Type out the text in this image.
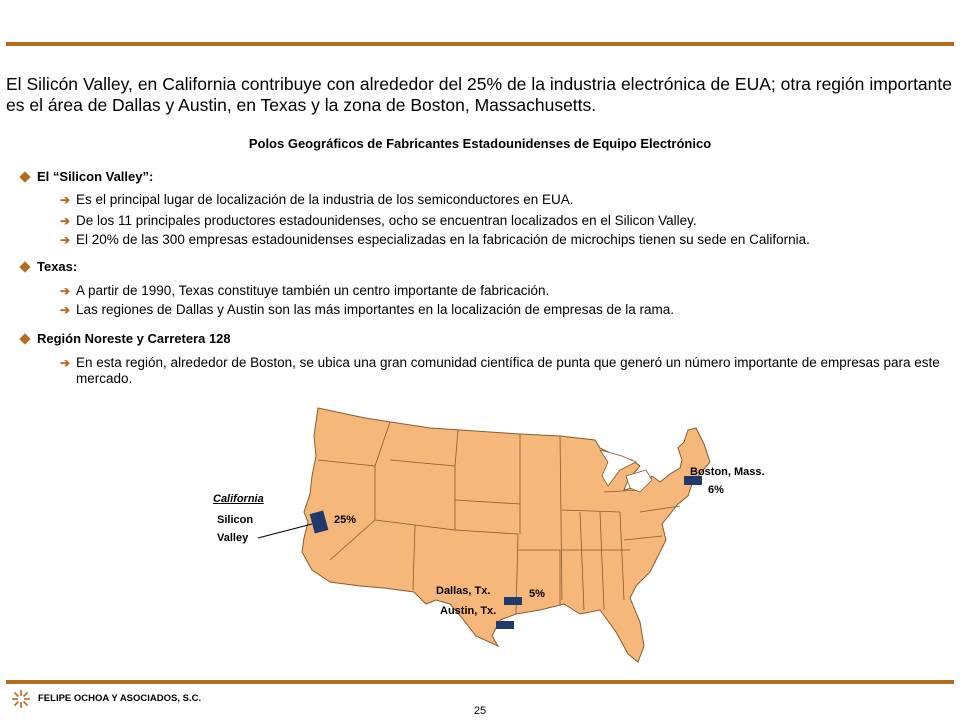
El Silicón Valley, en California contribuye con alrededor del 25% de la industria electrónica de EUA; otra región importante es el área de Dallas y Austin, en Texas y la zona de Boston, Massachusetts.
Polos Geográficos de Fabricantes Estadounidenses de Equipo Electrónico
El “Silicon Valley”:
➔ Es el principal lugar de localización de la industria de los semiconductores en EUA.
➔ De los 11 principales productores estadounidenses, ocho se encuentran localizados en el Silicon Valley.
➔ El 20% de las 300 empresas estadounidenses especializadas en la fabricación de microchips tienen su sede en California.
Texas:
➔ A partir de 1990, Texas constituye también un centro importante de fabricación.
➔ Las regiones de Dallas y Austin son las más importantes en la localización de empresas de la rama.
Región Noreste y Carretera 128
➔ En esta región, alrededor de Boston, se ubica una gran comunidad científica de punta que generó un número importante de empresas para este mercado.
California
Silicon
Valley
25%
Boston, Mass.
6%
Dallas, Tx.	5%
Austin, Tx.
FELIPE OCHOA Y ASOCIADOS, S.C.
25
